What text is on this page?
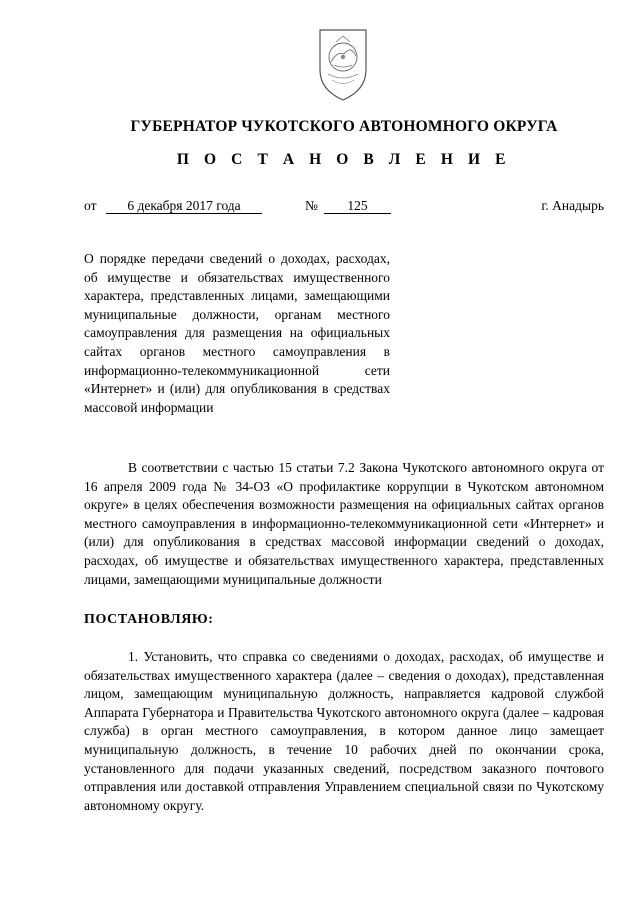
ГУБЕРНАТОР ЧУКОТСКОГО АВТОНОМНОГО ОКРУГА
П О С Т А Н О В Л Е Н И Е
от	6 декабря 2017 года	№	125	г. Анадырь
О порядке передачи сведений о доходах, расходах, об имуществе и обязательствах имущественного характера, представленных лицами, замещающими муниципальные должности, органам местного самоуправления для размещения на официальных сайтах органов местного самоуправления в информационно-телекоммуникационной сети «Интернет» и (или) для опубликования в средствах массовой информации
В соответствии с частью 15 статьи 7.2 Закона Чукотского автономного округа от 16 апреля 2009 года № 34-ОЗ «О профилактике коррупции в Чукотском автономном округе» в целях обеспечения возможности размещения на официальных сайтах органов местного самоуправления в информационно-телекоммуникационной сети «Интернет» и (или) для опубликования в средствах массовой информации сведений о доходах, расходах, об имуществе и обязательствах имущественного характера, представленных лицами, замещающими муниципальные должности
ПОСТАНОВЛЯЮ:
1. Установить, что справка со сведениями о доходах, расходах, об имуществе и обязательствах имущественного характера (далее – сведения о доходах), представленная лицом, замещающим муниципальную должность, направляется кадровой службой Аппарата Губернатора и Правительства Чукотского автономного округа (далее – кадровая служба) в орган местного самоуправления, в котором данное лицо замещает муниципальную должность, в течение 10 рабочих дней по окончании срока, установленного для подачи указанных сведений, посредством заказного почтового отправления или доставкой отправления Управлением специальной связи по Чукотскому автономному округу.
